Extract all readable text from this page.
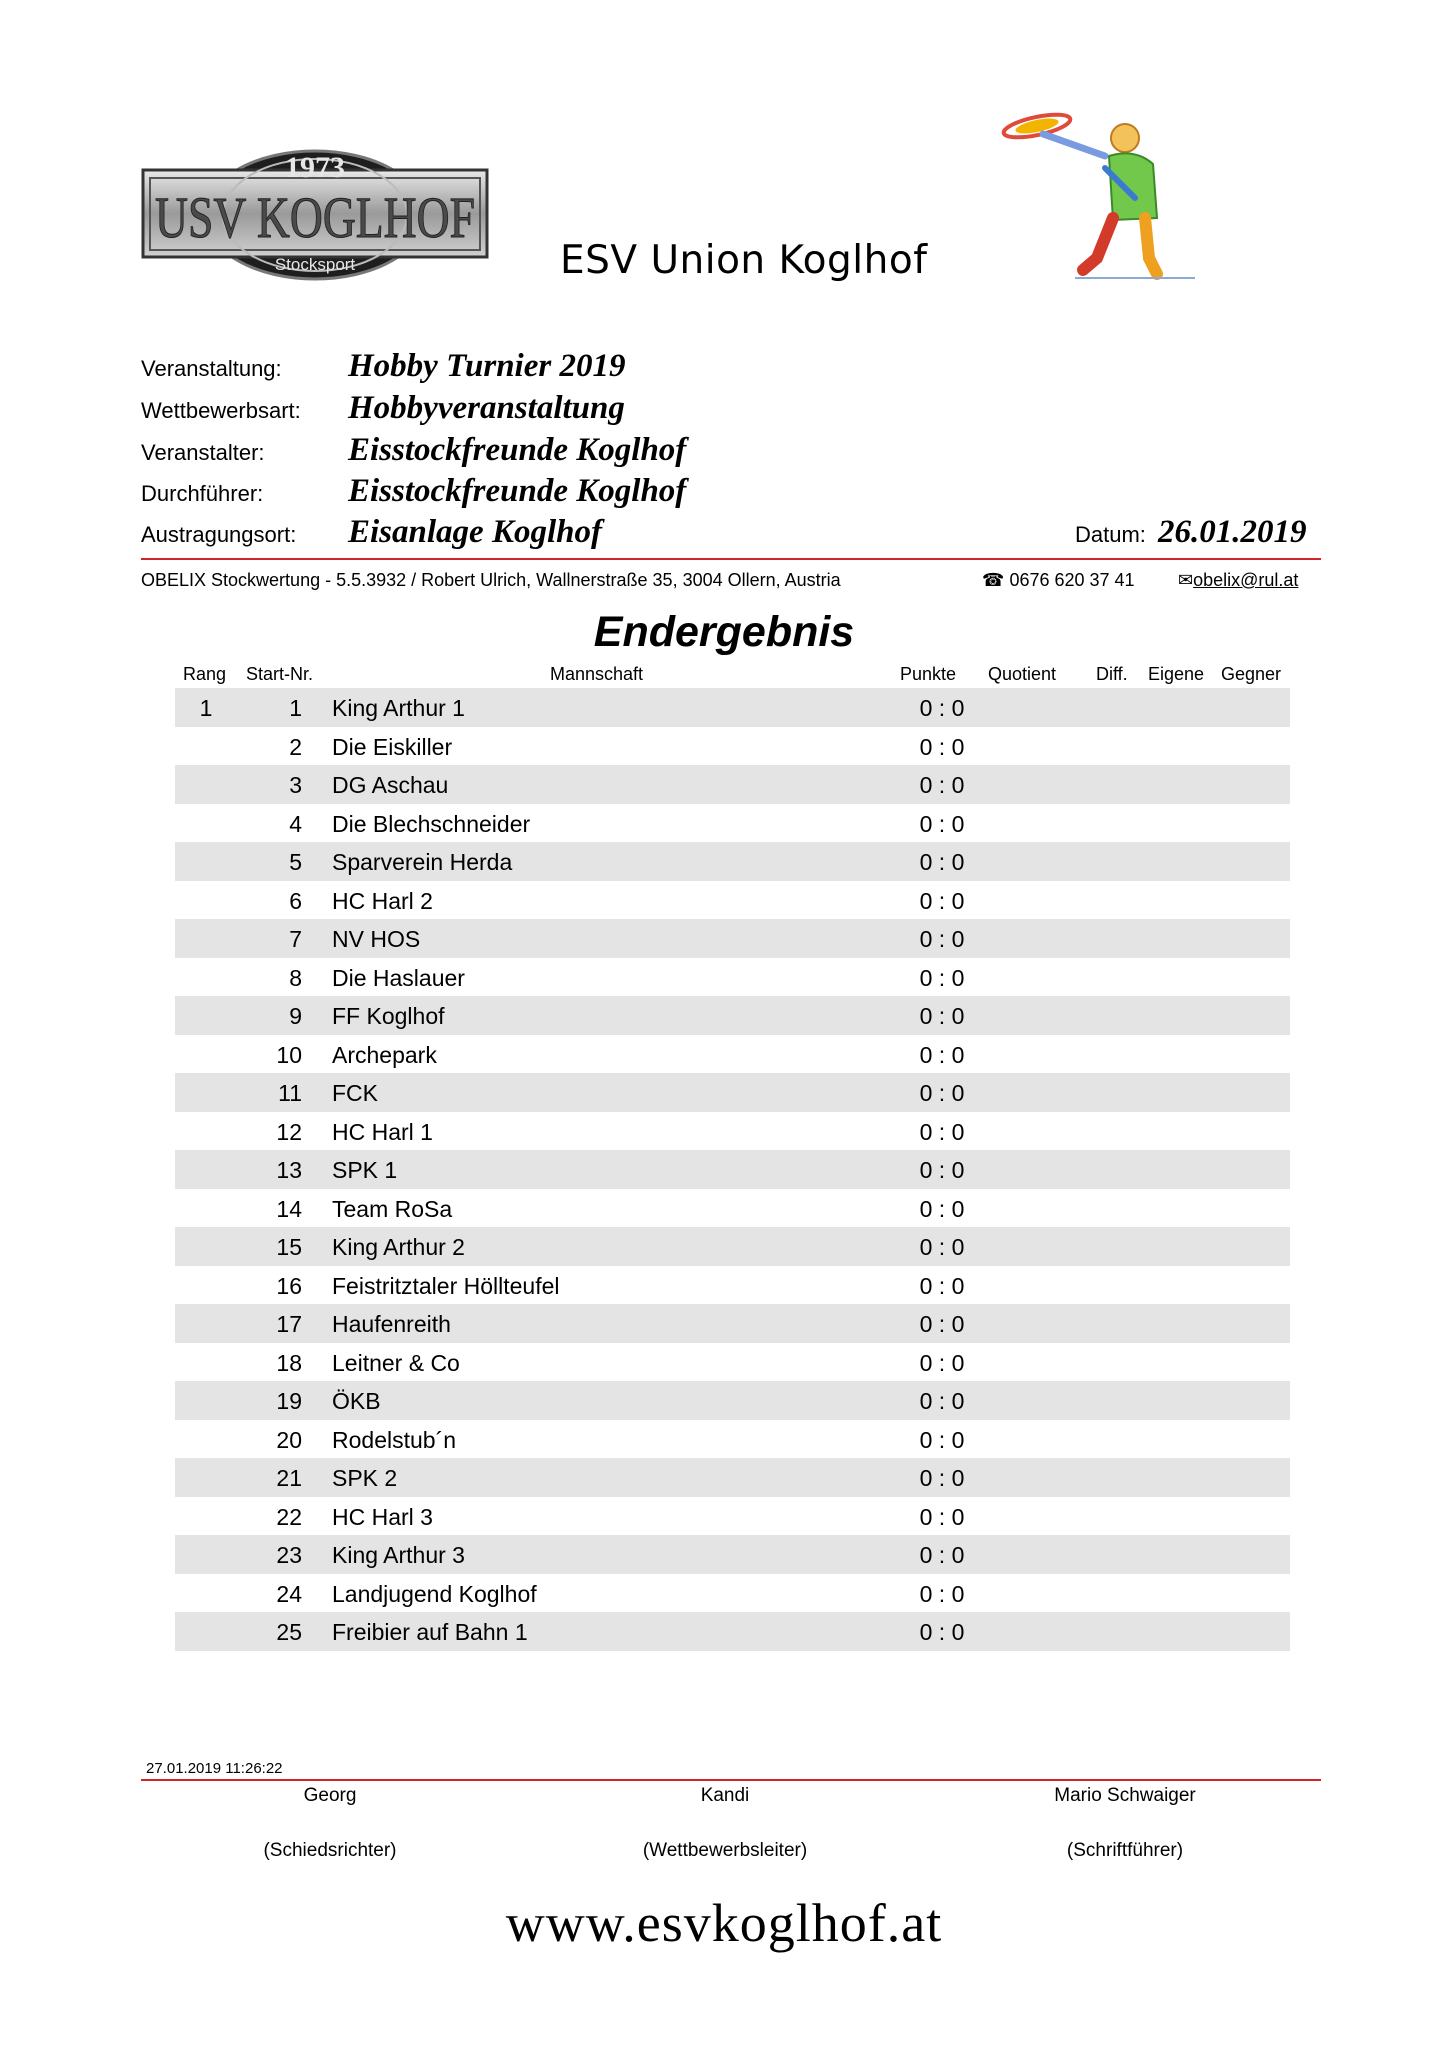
1973
USV KOGLHOF
Stocksport	ESV Union Koglhof
Veranstaltung: Hobby Turnier 2019
Wettbewerbsart: Hobbyveranstaltung
Veranstalter:	Eisstockfreunde Koglhof
Durchführer:	Eisstockfreunde Koglhof
Austragungsort: Eisanlage Koglhof	Datum: 26.01.2019
OBELIX Stockwertung - 5.5.3932 / Robert Ulrich, Wallnerstraße 35, 3004 Ollern, Austria	☎ 0676 620 37 41 ✉obelix@rul.at
Endergebnis
Rang Start-Nr.	Mannschaft	Punkte Quotient Diff. Eigene Gegner
1	1 King Arthur 1	0 : 0
2 Die Eiskiller	0 : 0
3 DG Aschau	0 : 0
4 Die Blechschneider	0 : 0
5 Sparverein Herda	0 : 0
6 HC Harl 2	0 : 0
7 NV HOS	0 : 0
8 Die Haslauer	0 : 0
9 FF Koglhof	0 : 0
10 Archepark	0 : 0
11 FCK	0 : 0
12 HC Harl 1	0 : 0
13 SPK 1	0 : 0
14 Team RoSa	0 : 0
15 King Arthur 2	0 : 0
16 Feistritztaler Höllteufel	0 : 0
17 Haufenreith	0 : 0
18 Leitner & Co	0 : 0
19 ÖKB	0 : 0
20 Rodelstub´n	0 : 0
21 SPK 2	0 : 0
22 HC Harl 3	0 : 0
23 King Arthur 3	0 : 0
24 Landjugend Koglhof	0 : 0
25 Freibier auf Bahn 1	0 : 0
27.01.2019 11:26:22
Georg
(Schiedsrichter)
Kandi
(Wettbewerbsleiter)
Mario Schwaiger
(Schriftführer)
www.esvkoglhof.at
